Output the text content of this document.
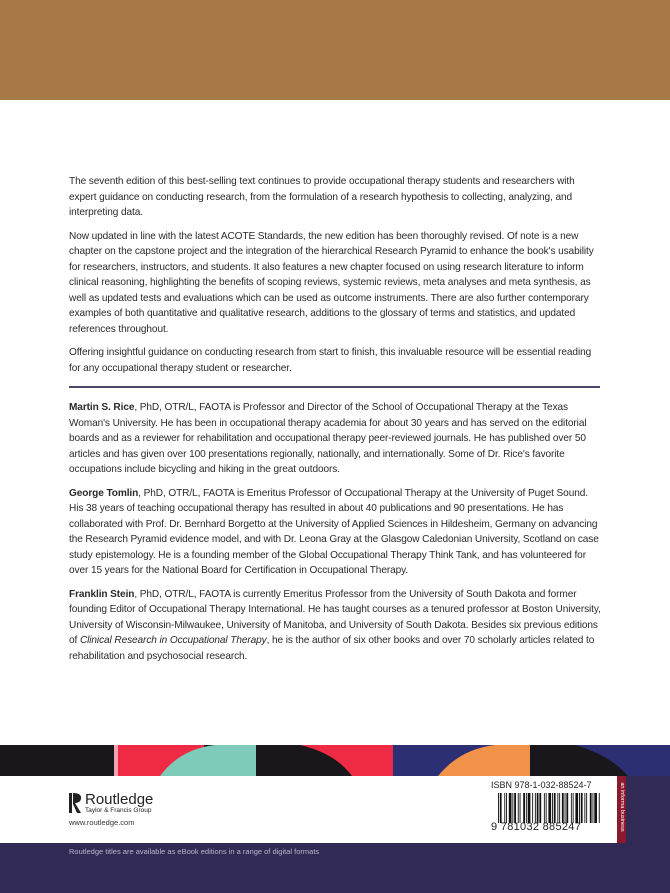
The seventh edition of this best-selling text continues to provide occupational therapy students and researchers with expert guidance on conducting research, from the formulation of a research hypothesis to collecting, analyzing, and interpreting data.

Now updated in line with the latest ACOTE Standards, the new edition has been thoroughly revised. Of note is a new chapter on the capstone project and the integration of the hierarchical Research Pyramid to enhance the book's usability for researchers, instructors, and students. It also features a new chapter focused on using research literature to inform clinical reasoning, highlighting the benefits of scoping reviews, systemic reviews, meta analyses and meta synthesis, as well as updated tests and evaluations which can be used as outcome instruments. There are also further contemporary examples of both quantitative and qualitative research, additions to the glossary of terms and statistics, and updated references throughout.

Offering insightful guidance on conducting research from start to finish, this invaluable resource will be essential reading for any occupational therapy student or researcher.

Martin S. Rice, PhD, OTR/L, FAOTA is Professor and Director of the School of Occupational Therapy at the Texas Woman's University. He has been in occupational therapy academia for about 30 years and has served on the editorial boards and as a reviewer for rehabilitation and occupational therapy peer-reviewed journals. He has published over 50 articles and has given over 100 presentations regionally, nationally, and internationally. Some of Dr. Rice's favorite occupations include bicycling and hiking in the great outdoors.

George Tomlin, PhD, OTR/L, FAOTA is Emeritus Professor of Occupational Therapy at the University of Puget Sound. His 38 years of teaching occupational therapy has resulted in about 40 publications and 90 presentations. He has collaborated with Prof. Dr. Bernhard Borgetto at the University of Applied Sciences in Hildesheim, Germany on advancing the Research Pyramid evidence model, and with Dr. Leona Gray at the Glasgow Caledonian University, Scotland on case study epistemology. He is a founding member of the Global Occupational Therapy Think Tank, and has volunteered for over 15 years for the National Board for Certification in Occupational Therapy.

Franklin Stein, PhD, OTR/L, FAOTA is currently Emeritus Professor from the University of South Dakota and former founding Editor of Occupational Therapy International. He has taught courses as a tenured professor at Boston University, University of Wisconsin-Milwaukee, University of Manitoba, and University of South Dakota. Besides six previous editions of Clinical Research in Occupational Therapy, he is the author of six other books and over 70 scholarly articles related to rehabilitation and psychosocial research.

an informa business
Routledge
Taylor & Francis Group
www.routledge.com
ISBN 978-1-032-88524-7
9 781032 885247
Routledge titles are available as eBook editions in a range of digital formats
